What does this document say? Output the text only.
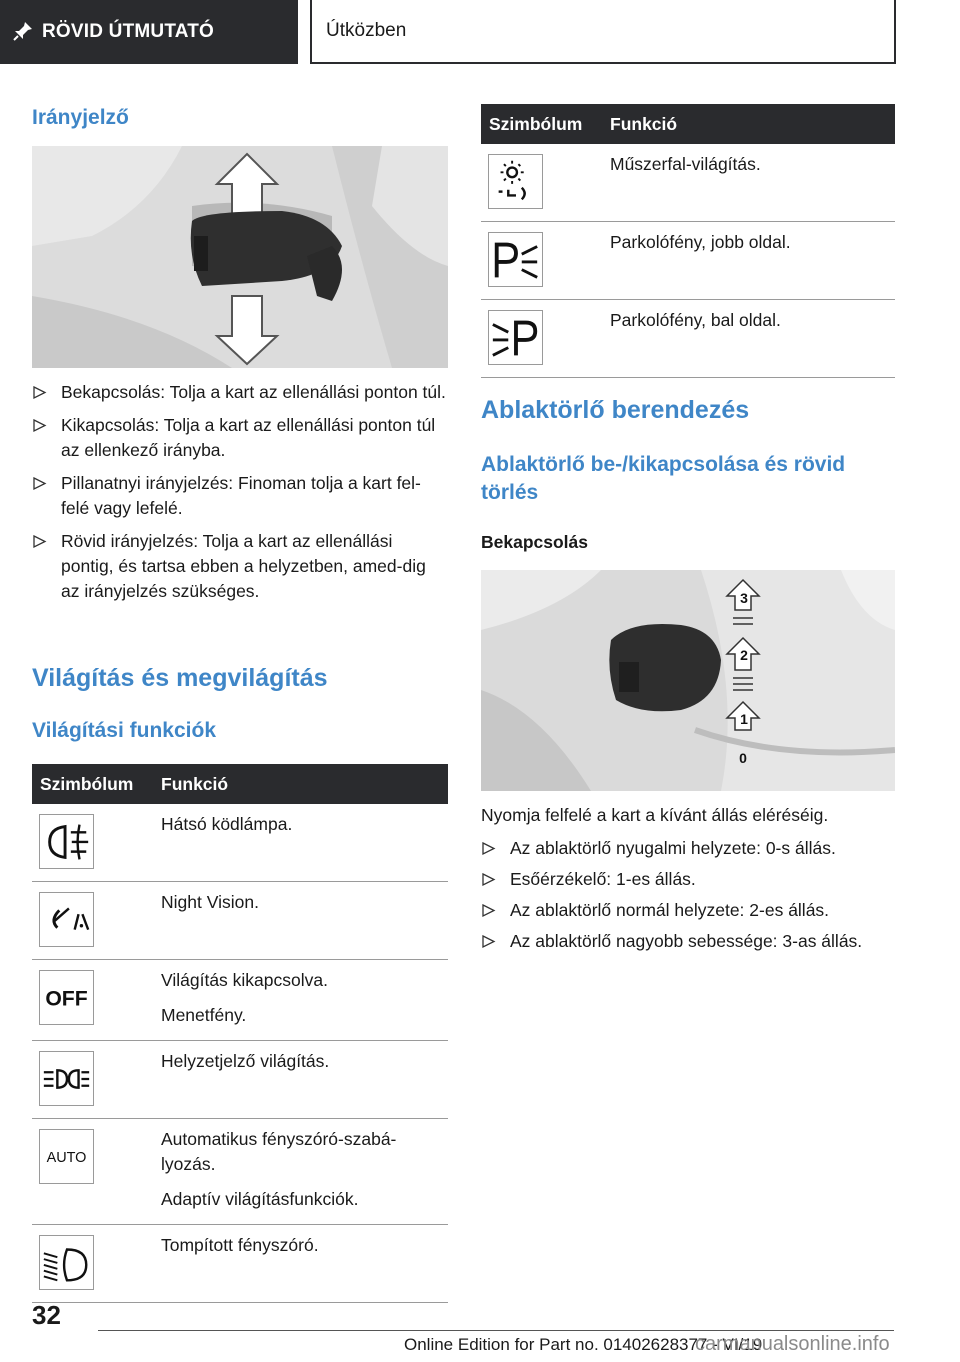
RÖVID ÚTMUTATÓ	Útközben
Irányjelző
Bekapcsolás: Tolja a kart az ellenállási ponton túl.
Kikapcsolás: Tolja a kart az ellenállási ponton túl az ellenkező irányba.
Pillanatnyi irányjelzés: Finoman tolja a kart fel-felé vagy lefelé.
Rövid irányjelzés: Tolja a kart az ellenállási pontig, és tartsa ebben a helyzetben, amed-dig az irányjelzés szükséges.
Világítás és megvilágítás
Világítási funkciók
Szimbólum	Funkció

Hátsó ködlámpa.

Night Vision.

OFF	Világítás kikapcsolva.

Menetfény.

Helyzetjelző világítás.

AUTO	Automatikus fényszóró-szabá-lyozás.

Adaptív világításfunkciók.

Tompított fényszóró.

Szimbólum	Funkció

Műszerfal-világítás.

Parkolófény, jobb oldal.

Parkolófény, bal oldal.

Ablaktörlő berendezés
Ablaktörlő be-/kikapcsolása és rövid törlés
Bekapcsolás
3
2
1
0

Nyomja felfelé a kart a kívánt állás eléréséig.

Az ablaktörlő nyugalmi helyzete: 0-s állás.
Esőérzékelő: 1-es állás.
Az ablaktörlő normál helyzete: 2-es állás.
Az ablaktörlő nagyobb sebessége: 3-as állás.
32
Online Edition for Part no. 01402628377 - VI/19
carmanualsonline.info
